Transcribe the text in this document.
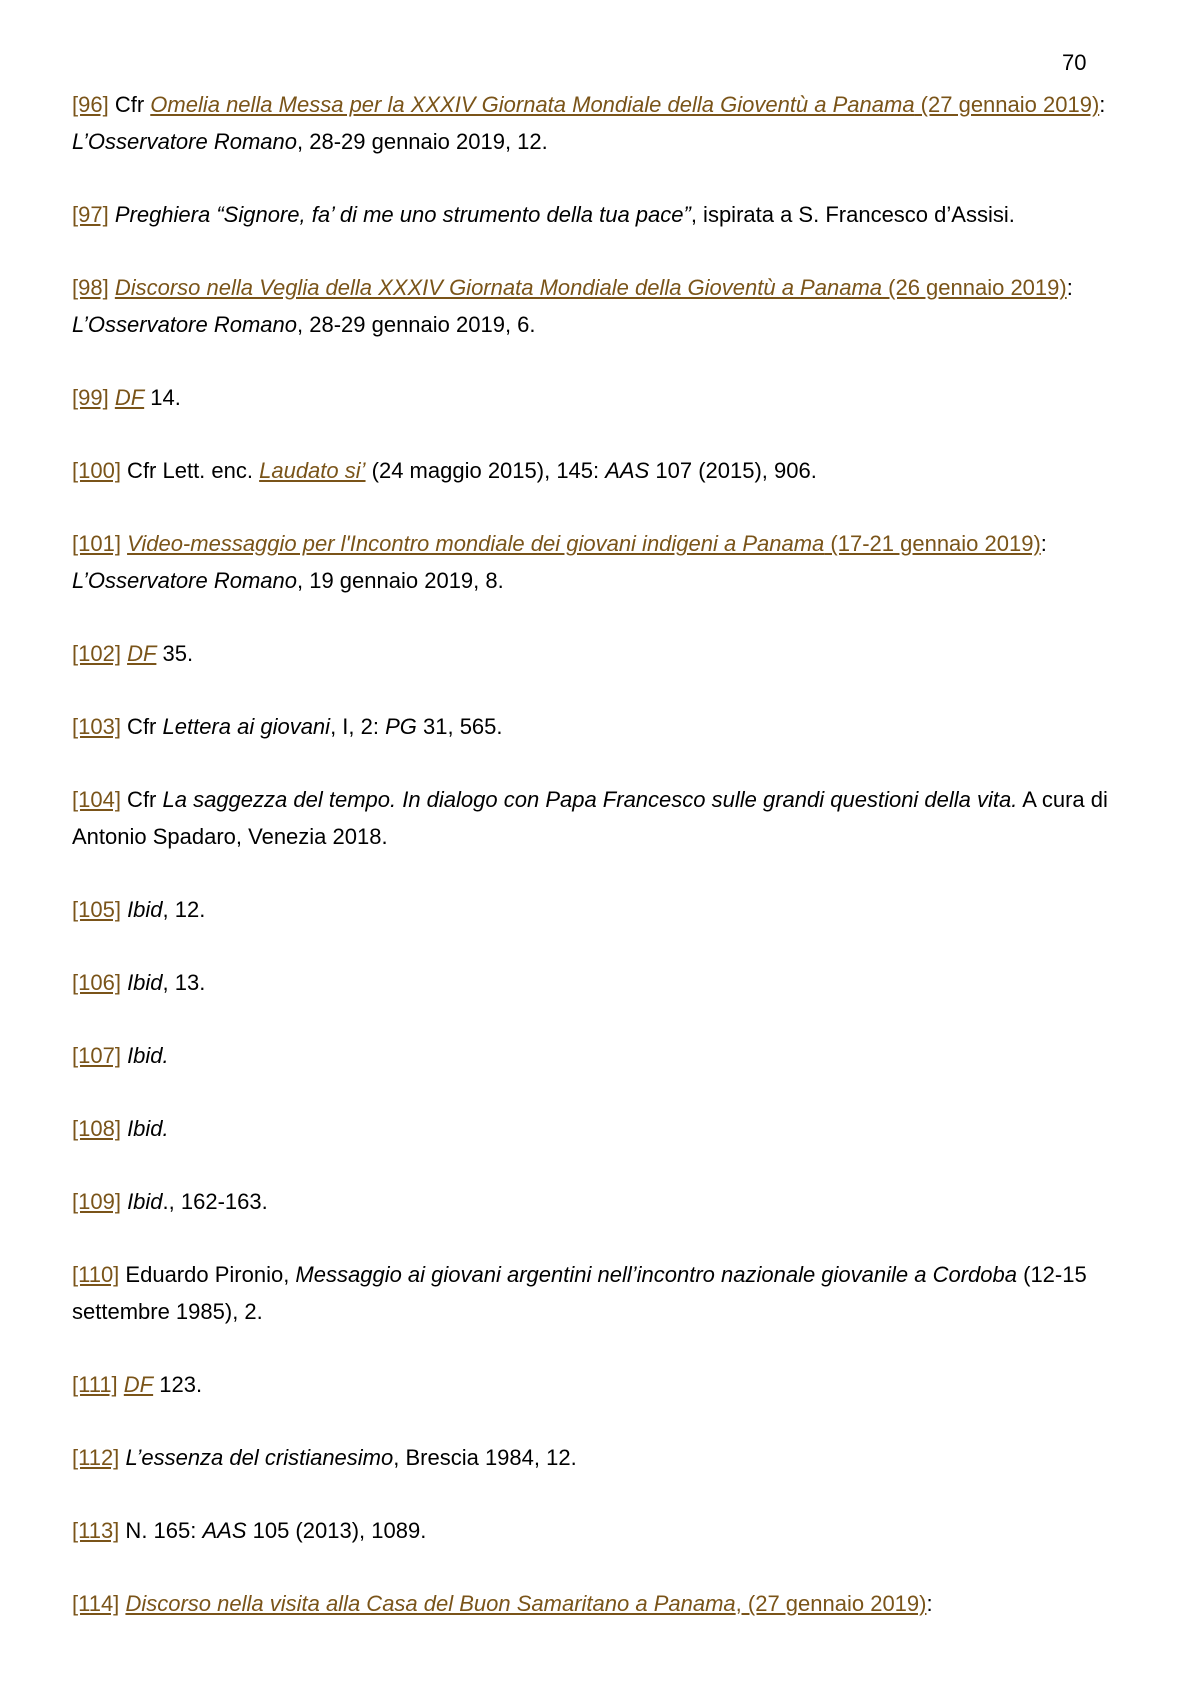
70

[96] Cfr Omelia nella Messa per la XXXIV Giornata Mondiale della Gioventù a Panama (27 gennaio 2019): L’Osservatore Romano, 28-29 gennaio 2019, 12.

[97] Preghiera “Signore, fa’ di me uno strumento della tua pace”, ispirata a S. Francesco d’Assisi.

[98] Discorso nella Veglia della XXXIV Giornata Mondiale della Gioventù a Panama (26 gennaio 2019): L’Osservatore Romano, 28-29 gennaio 2019, 6.

[99] DF 14.

[100] Cfr Lett. enc. Laudato si’ (24 maggio 2015), 145: AAS 107 (2015), 906.

[101] Video-messaggio per l'Incontro mondiale dei giovani indigeni a Panama (17-21 gennaio 2019): L’Osservatore Romano, 19 gennaio 2019, 8.

[102] DF 35.

[103] Cfr Lettera ai giovani, I, 2: PG 31, 565.

[104] Cfr La saggezza del tempo. In dialogo con Papa Francesco sulle grandi questioni della vita. A cura di Antonio Spadaro, Venezia 2018.

[105] Ibid, 12.

[106] Ibid, 13.

[107] Ibid.

[108] Ibid.

[109] Ibid., 162-163.

[110] Eduardo Pironio, Messaggio ai giovani argentini nell’incontro nazionale giovanile a Cordoba (12-15 settembre 1985), 2.

[111] DF 123.

[112] L’essenza del cristianesimo, Brescia 1984, 12.

[113] N. 165: AAS 105 (2013), 1089.

[114] Discorso nella visita alla Casa del Buon Samaritano a Panama, (27 gennaio 2019):
